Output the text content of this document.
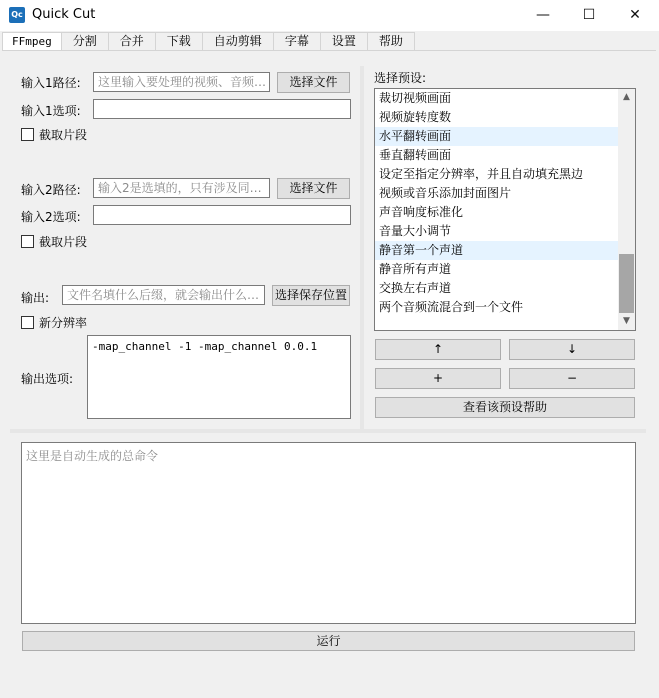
Qc Quick Cut	—	☐	✕
FFmpeg	分割	合并	下载	自动剪辑	字幕	设置	帮助
输入1路径:	这里输入要处理的视频、音频…	选择文件
输入1选项:
截取片段
输入2路径:	输入2是选填的，只有涉及同…	选择文件
输入2选项:
截取片段
输出:	文件名填什么后缀，就会输出什么…	选择保存位置
新分辨率
输出选项:
-map_channel -1 -map_channel 0.0.1
选择预设:
裁切视频画面
视频旋转度数
水平翻转画面
垂直翻转画面
设定至指定分辨率，并且自动填充黑边
视频或音乐添加封面图片
声音响度标准化
音量大小调节
静音第一个声道
静音所有声道
交换左右声道
两个音频流混合到一个文件
▲
▼
↑	↓
+	−
查看该预设帮助
这里是自动生成的总命令
运行
